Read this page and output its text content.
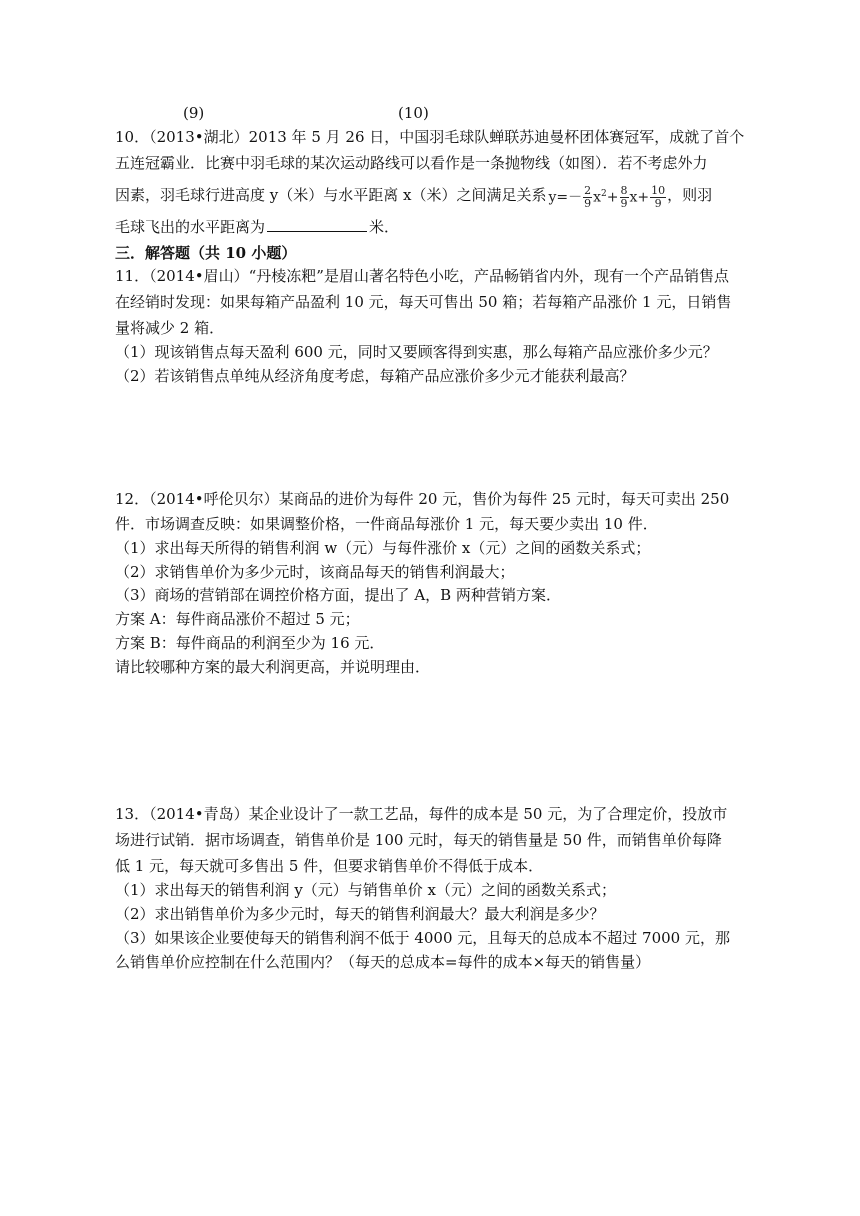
(9)	(10)
10．（2013•湖北）2013 年 5 月 26 日，中国羽毛球队蝉联苏迪曼杯团体赛冠军，成就了首个
五连冠霸业．比赛中羽毛球的某次运动路线可以看作是一条抛物线（如图）．若不考虑外力
因素，羽毛球行进高度 y（米）与水平距离 x（米）之间满足关系 $y=- \frac{2}{9} x^2+ \frac{8}{9} x+ \frac{10}{9}$ ，则羽
毛球飞出的水平距离为	米．
三．解答题（共 10 小题）
11．（2014•眉山）“丹棱冻粑”是眉山著名特色小吃，产品畅销省内外，现有一个产品销售点
在经销时发现：如果每箱产品盈利 10 元，每天可售出 50 箱；若每箱产品涨价 1 元，日销售
量将减少 2 箱．
（1）现该销售点每天盈利 600 元，同时又要顾客得到实惠，那么每箱产品应涨价多少元？
（2）若该销售点单纯从经济角度考虑，每箱产品应涨价多少元才能获利最高？
12．（2014•呼伦贝尔）某商品的进价为每件 20 元，售价为每件 25 元时，每天可卖出 250
件．市场调查反映：如果调整价格，一件商品每涨价 1 元，每天要少卖出 10 件．
（1）求出每天所得的销售利润 w（元）与每件涨价 x（元）之间的函数关系式；
（2）求销售单价为多少元时，该商品每天的销售利润最大；
（3）商场的营销部在调控价格方面，提出了 A，B 两种营销方案．
方案 A：每件商品涨价不超过 5 元；
方案 B：每件商品的利润至少为 16 元．
请比较哪种方案的最大利润更高，并说明理由．
13．（2014•青岛）某企业设计了一款工艺品，每件的成本是 50 元，为了合理定价，投放市
场进行试销．据市场调查，销售单价是 100 元时，每天的销售量是 50 件，而销售单价每降
低 1 元，每天就可多售出 5 件，但要求销售单价不得低于成本．
（1）求出每天的销售利润 y（元）与销售单价 x（元）之间的函数关系式；
（2）求出销售单价为多少元时，每天的销售利润最大？最大利润是多少？
（3）如果该企业要使每天的销售利润不低于 4000 元，且每天的总成本不超过 7000 元，那
么销售单价应控制在什么范围内？（每天的总成本=每件的成本×每天的销售量）
